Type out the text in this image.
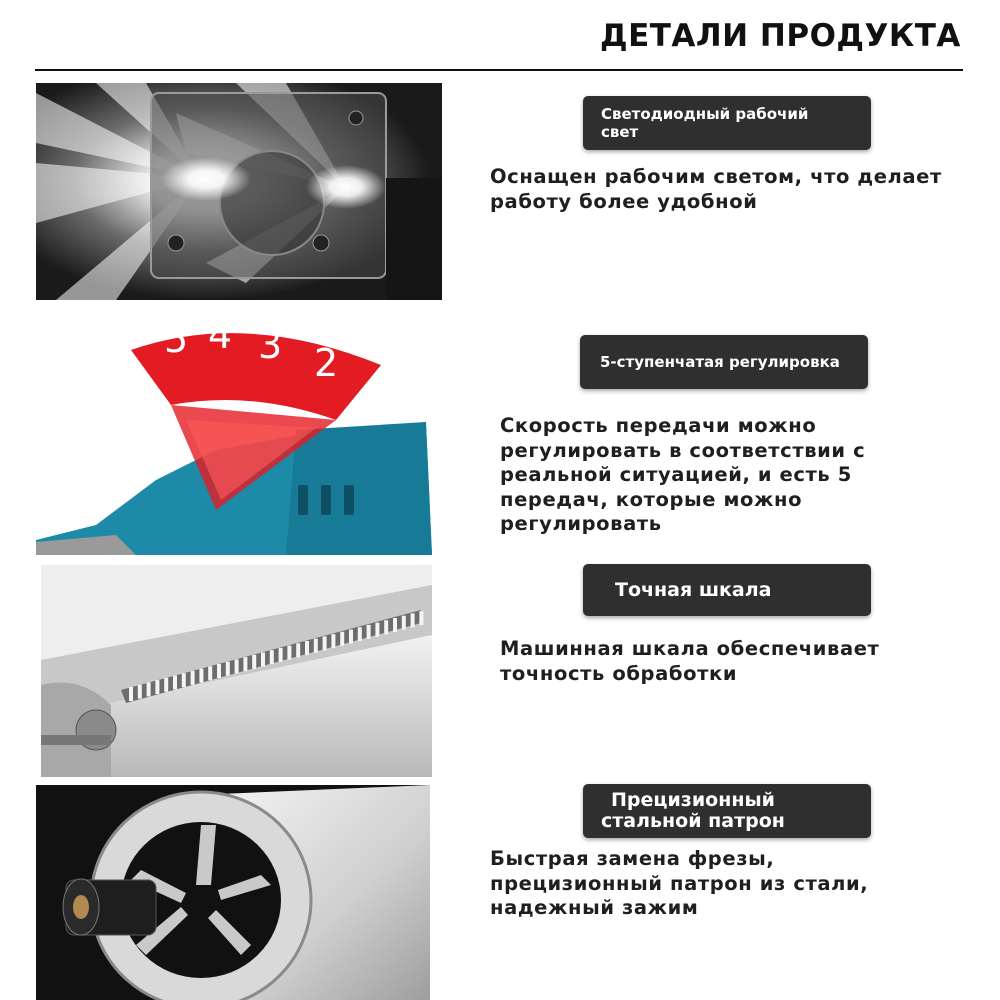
ДЕТАЛИ ПРОДУКТА
Светодиодный рабочий
свет
Оснащен рабочим светом, что делает
работу более удобной
5 4 3 2	5-ступенчатая регулировка
Скорость передачи можно
регулировать в соответствии с
реальной ситуацией, и есть 5
передач, которые можно
регулировать
Точная шкала
Машинная шкала обеспечивает
точность обработки
Прецизионный
стальной патрон
Быстрая замена фрезы,
прецизионный патрон из стали,
надежный зажим
